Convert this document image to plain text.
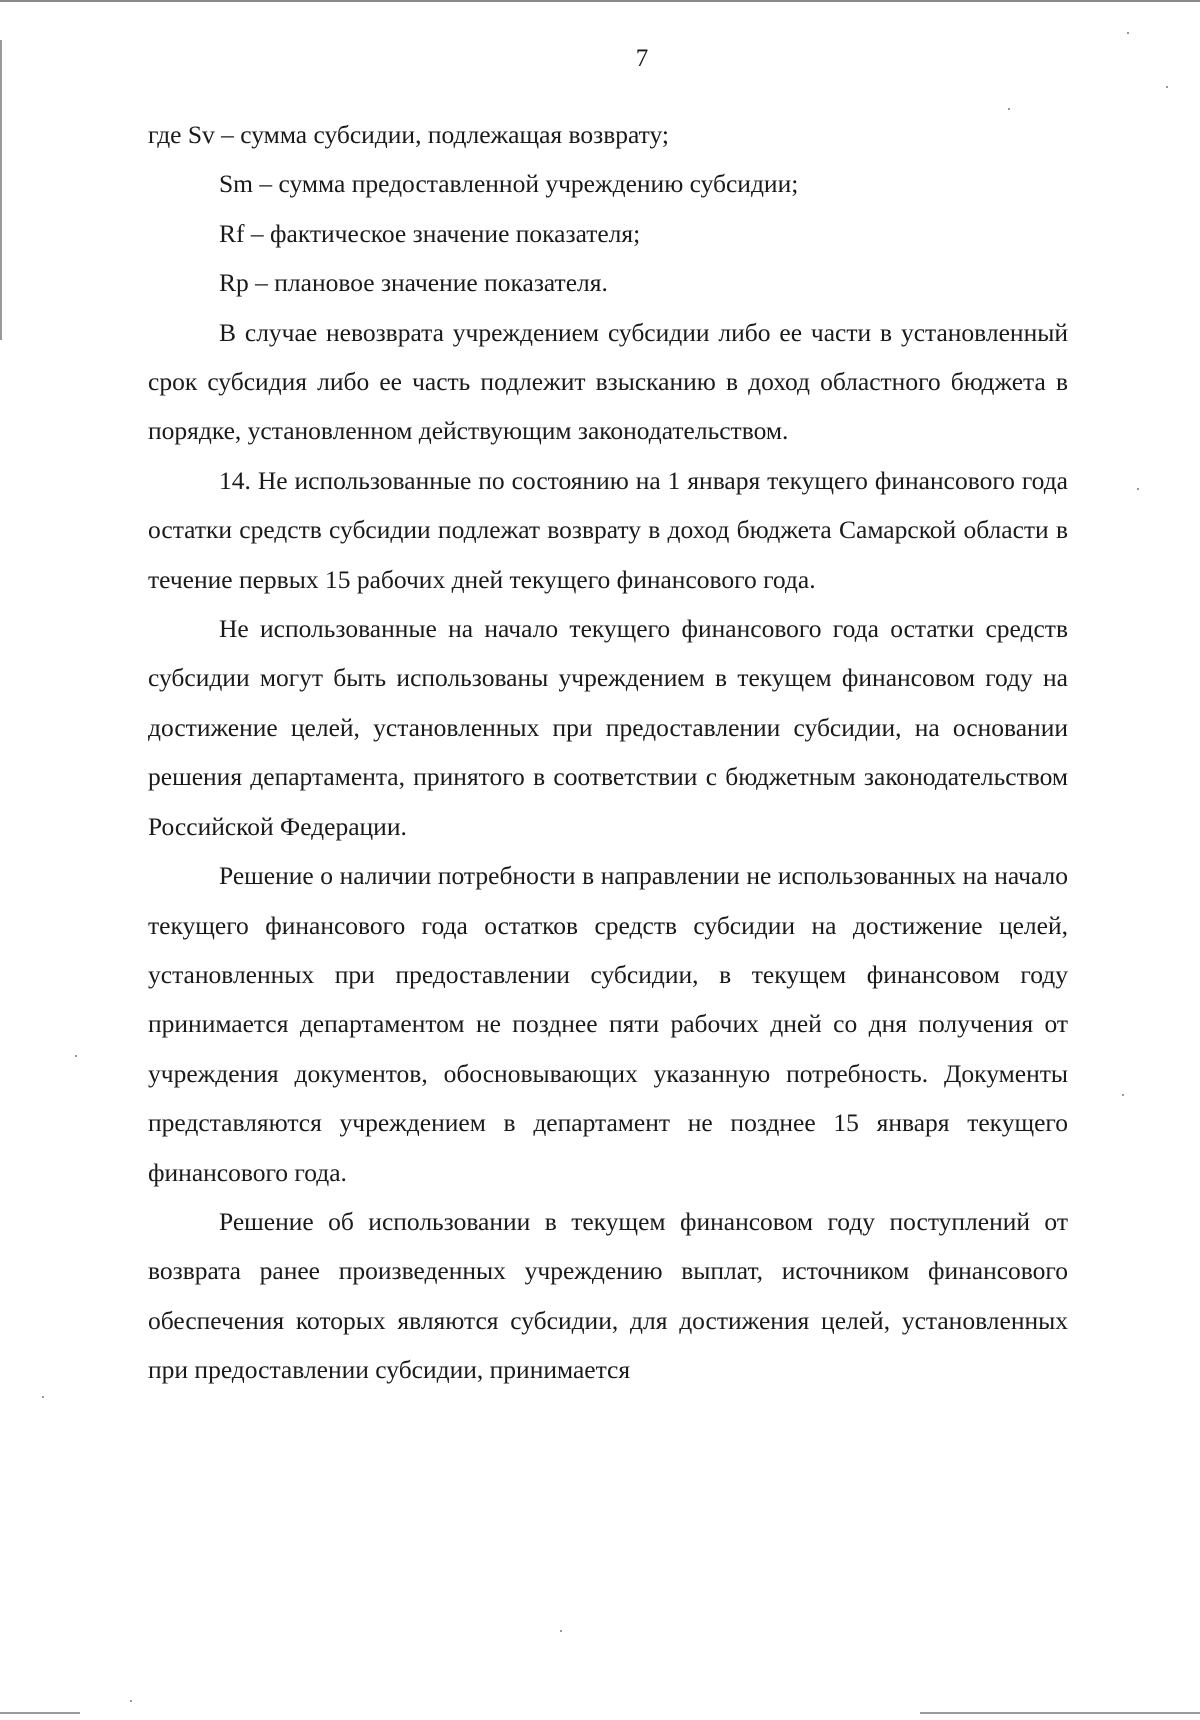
7

где Sv – сумма субсидии, подлежащая возврату;

Sm – сумма предоставленной учреждению субсидии;

Rf – фактическое значение показателя;

Rp – плановое значение показателя.

В случае невозврата учреждением субсидии либо ее части в установленный срок субсидия либо ее часть подлежит взысканию в доход областного бюджета в порядке, установленном действующим законодательством.

14. Не использованные по состоянию на 1 января текущего финансового года остатки средств субсидии подлежат возврату в доход бюджета Самарской области в течение первых 15 рабочих дней текущего финансового года.

Не использованные на начало текущего финансового года остатки средств субсидии могут быть использованы учреждением в текущем финансовом году на достижение целей, установленных при предоставлении субсидии, на основании решения департамента, принятого в соответствии с бюджетным законодательством Российской Федерации.

Решение о наличии потребности в направлении не использованных на начало текущего финансового года остатков средств субсидии на достижение целей, установленных при предоставлении субсидии, в текущем финансовом году принимается департаментом не позднее пяти рабочих дней со дня получения от учреждения документов, обосновывающих указанную потребность. Документы представляются учреждением в департамент не позднее 15 января текущего финансового года.

Решение об использовании в текущем финансовом году поступлений от возврата ранее произведенных учреждению выплат, источником финансового обеспечения которых являются субсидии, для достижения целей, установленных при предоставлении субсидии, принимается
